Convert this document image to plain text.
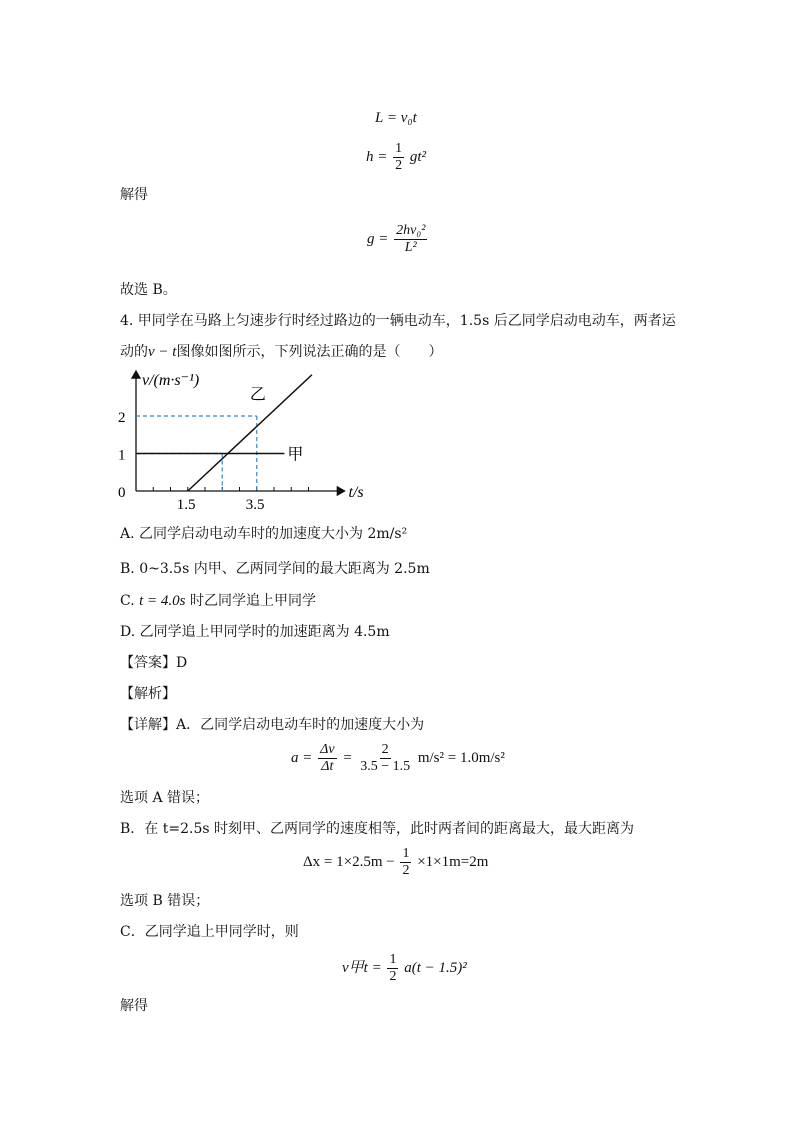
L = v₀t
$h = \frac{1}{2} gt^2$
解得
$g = \frac{\text{2hv₀²}}{\text{L²}}$
故选 B。
4. 甲同学在马路上匀速步行时经过路边的一辆电动车，1.5s 后乙同学启动电动车，两者运
动的v − t图像如图所示，下列说法正确的是（　　）
甲
乙
v/(m·s⁻¹)
t/s
0
1
2
1.5	3.5
A. 乙同学启动电动车时的加速度大小为 2m/s²
B. 0~3.5s 内甲、乙两同学间的最大距离为 2.5m
C. t = 4.0s 时乙同学追上甲同学
D. 乙同学追上甲同学时的加速距离为 4.5m
【答案】D
【解析】
【详解】A．乙同学启动电动车时的加速度大小为
$a = \frac{\Delta v}{\Delta t} = \frac{2}{3.5 - 1.5} m/s^2 = 1.0m/s^2$
选项 A 错误；
B．在 t=2.5s 时刻甲、乙两同学的速度相等，此时两者间的距离最大，最大距离为
$\Delta x = 1\times 2.5m - \frac{1}{2} \times 1\times 1m=2m$
选项 B 错误；
C．乙同学追上甲同学时，则
v甲$t = \frac{1}{2} a(t - 1.5)^2$
解得
